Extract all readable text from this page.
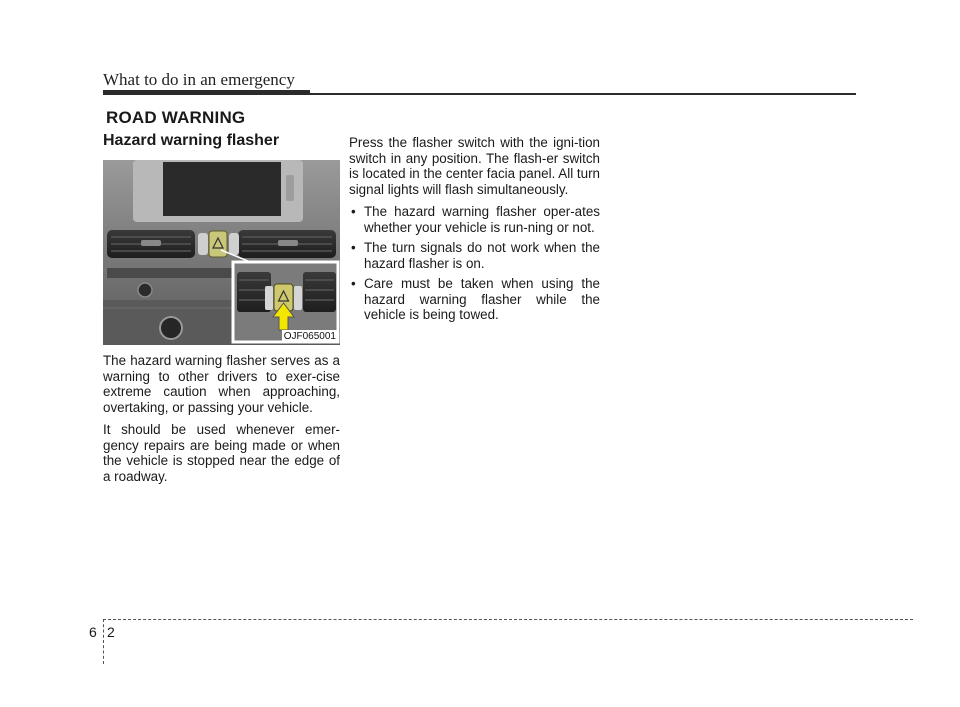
What to do in an emergency
ROAD WARNING
Hazard warning flasher
OJF065001

The hazard warning flasher serves as a warning to other drivers to exer-cise extreme caution when approaching, overtaking, or passing your vehicle.

It should be used whenever emer-gency repairs are being made or when the vehicle is stopped near the edge of a roadway.

Press the flasher switch with the igni-tion switch in any position. The flash-er switch is located in the center facia panel. All turn signal lights will flash simultaneously.

• The hazard warning flasher oper-ates whether your vehicle is run-ning or not.
• The turn signals do not work when the hazard flasher is on.
• Care must be taken when using the hazard warning flasher while the vehicle is being towed.
6 2
